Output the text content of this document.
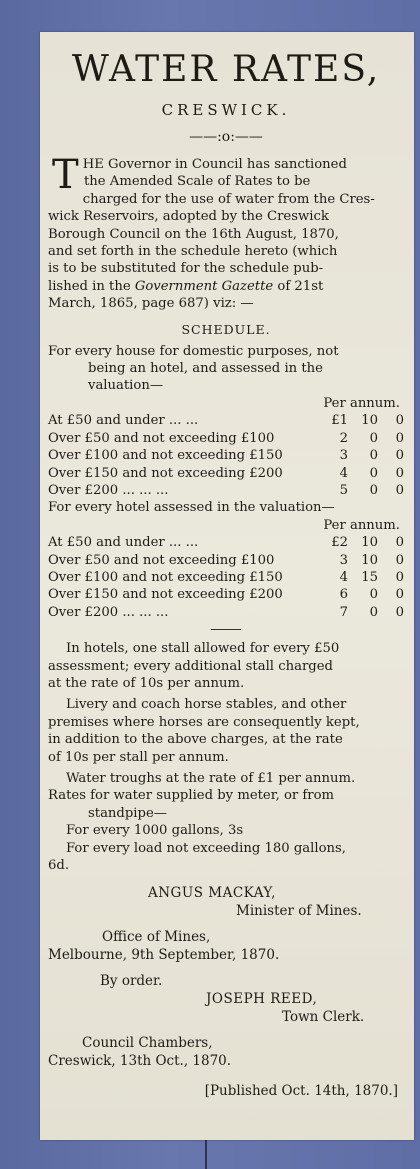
WATER RATES,
CRESWICK.
——:o:——
T HE Governor in Council has sanctioned
the Amended Scale of Rates to be
charged for the use of water from the Cres-
wick Reservoirs, adopted by the Creswick
Borough Council on the 16th August, 1870,
and set forth in the schedule hereto (which
is to be substituted for the schedule pub-
lished in the Government Gazette of 21st
March, 1865, page 687) viz: —
SCHEDULE.
For every house for domestic purposes, not
being an hotel, and assessed in the
valuation—
Per annum.
At £50 and under ... ...	£1	10	0
Over £50 and not exceeding £100	2	0	0
Over £100 and not exceeding £150	3	0	0
Over £150 and not exceeding £200	4	0	0
Over £200 ... ... ...	5	0	0
For every hotel assessed in the valuation—
Per annum.
At £50 and under ... ...	£2	10	0
Over £50 and not exceeding £100	3	10	0
Over £100 and not exceeding £150	4	15	0
Over £150 and not exceeding £200	6	0	0
Over £200 ... ... ...	7	0	0
In hotels, one stall allowed for every £50
assessment; every additional stall charged
at the rate of 10s per annum.
Livery and coach horse stables, and other
premises where horses are consequently kept,
in addition to the above charges, at the rate
of 10s per stall per annum.
Water troughs at the rate of £1 per annum.
Rates for water supplied by meter, or from
standpipe—
For every 1000 gallons, 3s
For every load not exceeding 180 gallons,
6d.
ANGUS MACKAY,
Minister of Mines.
Office of Mines,
Melbourne, 9th September, 1870.
By order.
JOSEPH REED,
Town Clerk.
Council Chambers,
Creswick, 13th Oct., 1870.
[Published Oct. 14th, 1870.]
